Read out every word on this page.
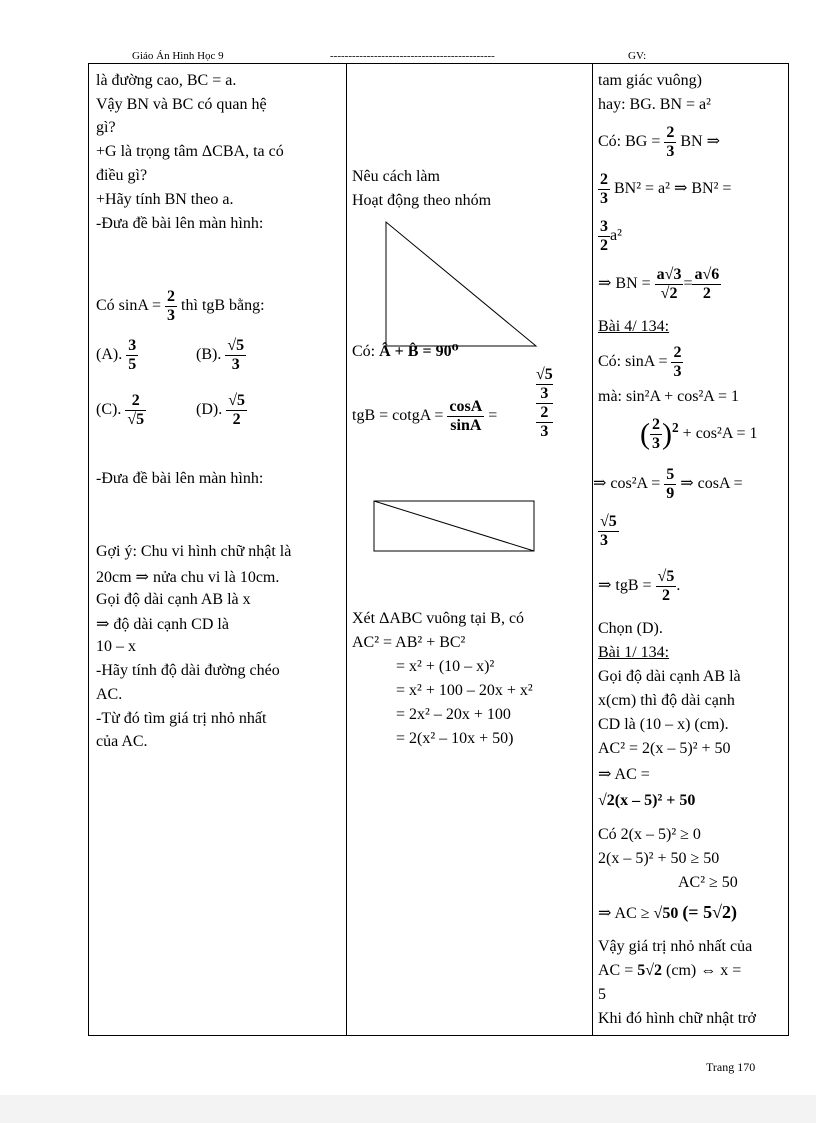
Giáo Án Hình Học 9	---------------------------------------------	GV:
là đường cao, BC = a.
Vậy BN và BC có quan hệ
gì?
+G là trọng tâm ΔCBA, ta có
điều gì?
+Hãy tính BN theo a.
-Đưa đề bài lên màn hình:
Có $\sin A = \frac{2}{3}$ thì tgB bằng:
(A). $\frac{3}{5}$	(B). $\frac{√5}{3}$
(C). $\frac{2}{√5}$	(D). $\frac{√5}{2}$
-Đưa đề bài lên màn hình:
Gợi ý: Chu vi hình chữ nhật là
20cm ⇒ nửa chu vi là 10cm.
Gọi độ dài cạnh AB là x
⇒ độ dài cạnh CD là
10 – x
-Hãy tính độ dài đường chéo
AC.
-Từ đó tìm giá trị nhỏ nhất
của AC.
Nêu cách làm
Hoạt động theo nhóm
Có: Â + B̂ = 90⁰
tgB = cotgA = $\frac{\cos A}{\sin A}$ =
√5
3
2
3
Xét ΔABC vuông tại B, có
AC² = AB² + BC²
= x² + (10 – x)²
= x² + 100 – 20x + x²
= 2x² – 20x + 100
= 2(x² – 10x + 50)
tam giác vuông)
hay: BG. BN = a²
Có: BG = $\frac{2}{3}$ BN ⇒
$\frac{2}{3} BN^2 = a^2$ ⇒ BN² =
$\frac{3}{2} a^2$
⇒ BN = $\frac{a√3}{√2} = \frac{a√6}{2}$
Bài 4/ 134:
Có: $\sin A = \frac{2}{3}$
mà: sin²A + cos²A = 1
( $\frac{2}{3} )^2 + \cos^2A = 1$
⇒ $\cos^2A = \frac{5}{9}$ ⇒ cosA =
$\frac{√5}{3}$
⇒ tgB = $\frac{√5}{2}$ .
Chọn (D).
Bài 1/ 134:
Gọi độ dài cạnh AB là
x(cm) thì độ dài cạnh
CD là (10 – x) (cm).
AC² = 2(x – 5)² + 50
⇒ AC =
√2(x – 5)² + 50
Có 2(x – 5)² ≥ 0
2(x – 5)² + 50 ≥ 50
AC² ≥ 50
⇒ AC ≥ √50 (= 5√2)
Vậy giá trị nhỏ nhất của
AC = 5√2 (cm) ⇔ x =
5
Khi đó hình chữ nhật trở
Trang 170
